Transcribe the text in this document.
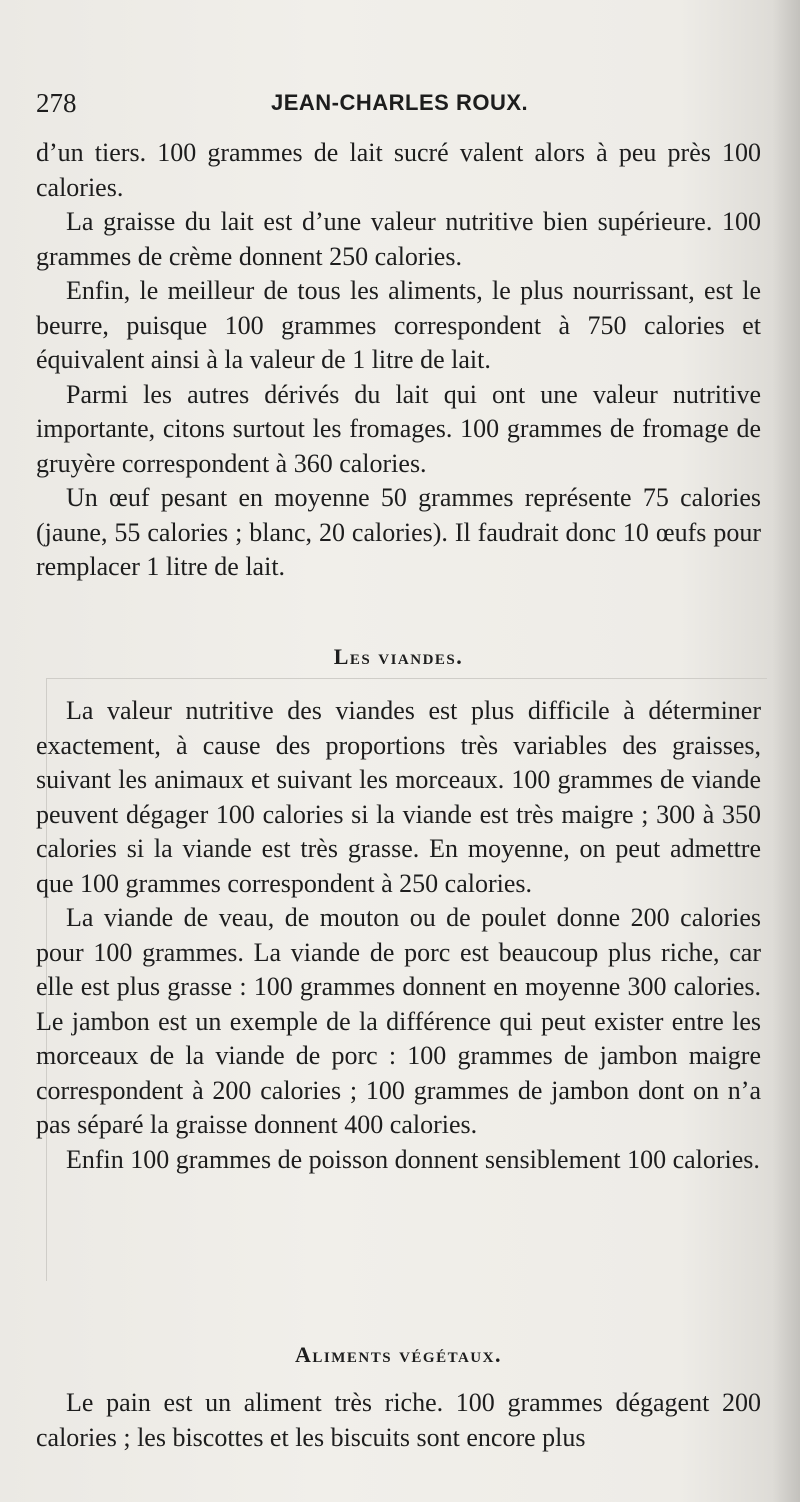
278	JEAN-CHARLES ROUX.

d’un tiers. 100 grammes de lait sucré valent alors à peu près 100 calories.

La graisse du lait est d’une valeur nutritive bien supérieure. 100 grammes de crème donnent 250 calories.

Enfin, le meilleur de tous les aliments, le plus nourrissant, est le beurre, puisque 100 grammes correspondent à 750 calories et équivalent ainsi à la valeur de 1 litre de lait.

Parmi les autres dérivés du lait qui ont une valeur nutritive importante, citons surtout les fromages. 100 grammes de fromage de gruyère correspondent à 360 calories.

Un œuf pesant en moyenne 50 grammes représente 75 calories (jaune, 55 calories ; blanc, 20 calories). Il faudrait donc 10 œufs pour remplacer 1 litre de lait.

Les viandes.

La valeur nutritive des viandes est plus difficile à déterminer exactement, à cause des proportions très variables des graisses, suivant les animaux et suivant les morceaux. 100 grammes de viande peuvent dégager 100 calories si la viande est très maigre ; 300 à 350 calories si la viande est très grasse. En moyenne, on peut admettre que 100 grammes correspondent à 250 calories.

La viande de veau, de mouton ou de poulet donne 200 calories pour 100 grammes. La viande de porc est beaucoup plus riche, car elle est plus grasse : 100 grammes donnent en moyenne 300 calories. Le jambon est un exemple de la différence qui peut exister entre les morceaux de la viande de porc : 100 grammes de jambon maigre correspondent à 200 calories ; 100 grammes de jambon dont on n’a pas séparé la graisse donnent 400 calories.

Enfin 100 grammes de poisson donnent sensiblement 100 calories.

Aliments végétaux.

Le pain est un aliment très riche. 100 grammes dégagent 200 calories ; les biscottes et les biscuits sont encore plus
